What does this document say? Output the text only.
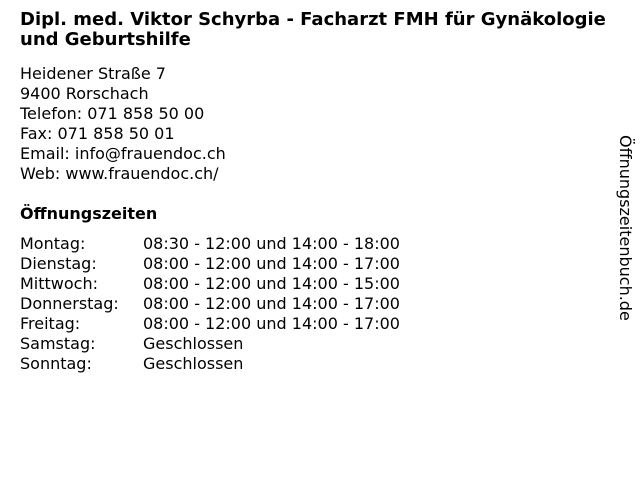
Dipl. med. Viktor Schyrba - Facharzt FMH für Gynäkologie und Geburtshilfe
Heidener Straße 7
9400 Rorschach
Telefon: 071 858 50 00
Fax: 071 858 50 01
Email: info@frauendoc.ch
Web: www.frauendoc.ch/
Öffnungszeiten
Montag:	08:30 - 12:00 und 14:00 - 18:00
Dienstag:	08:00 - 12:00 und 14:00 - 17:00
Mittwoch:	08:00 - 12:00 und 14:00 - 15:00
Donnerstag:	08:00 - 12:00 und 14:00 - 17:00
Freitag:	08:00 - 12:00 und 14:00 - 17:00
Samstag:	Geschlossen
Sonntag:	Geschlossen
Öffnungszeitenbuch.de
